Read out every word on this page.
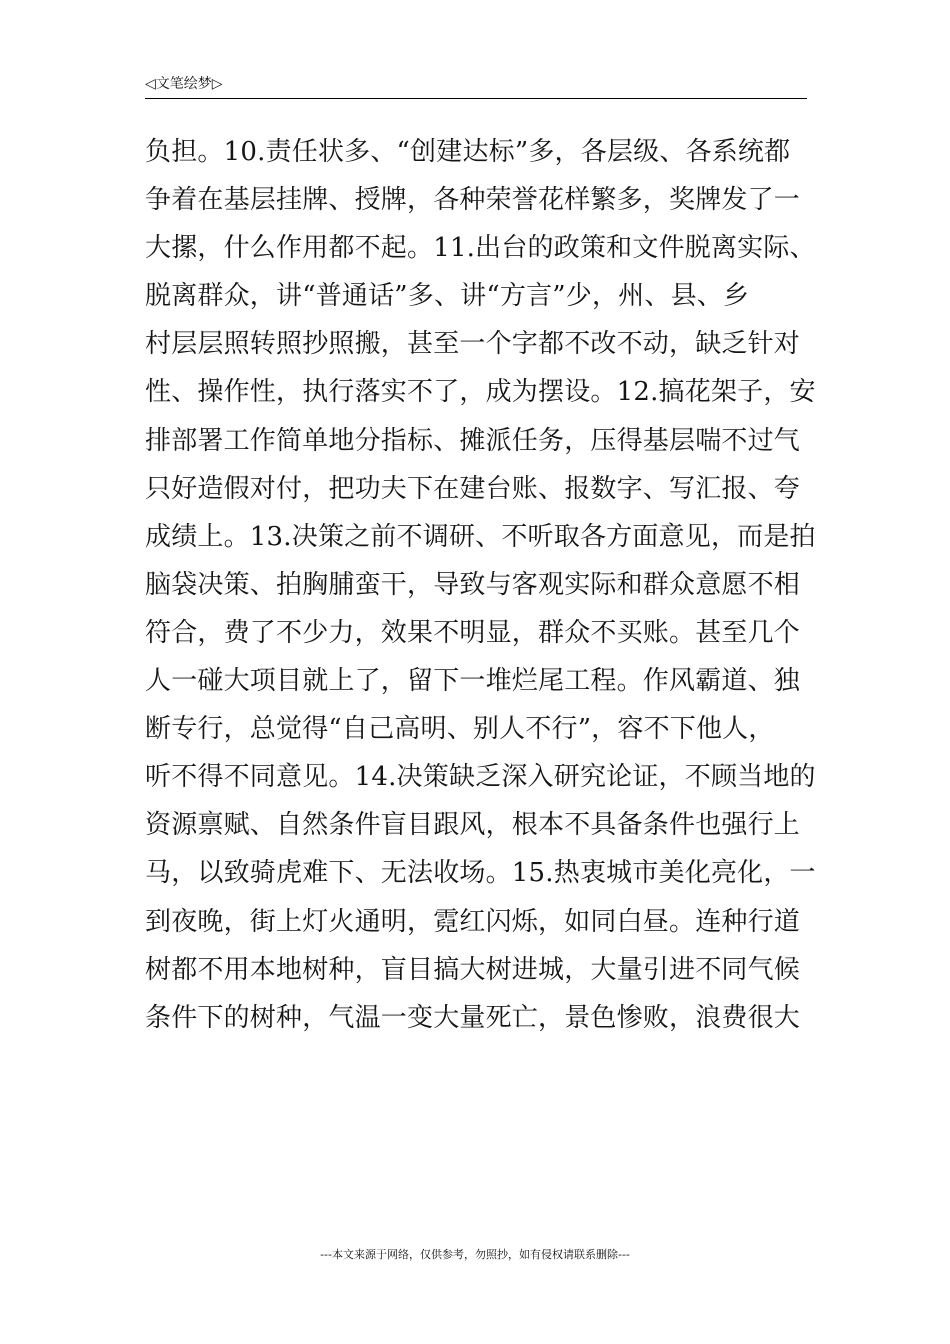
◁文笔绘梦▷
负担。10.责任状多、“创建达标”多，各层级、各系统都
争着在基层挂牌、授牌，各种荣誉花样繁多，奖牌发了一
大摞，什么作用都不起。11.出台的政策和文件脱离实际、
脱离群众，讲“普通话”多、讲“方言”少，州、县、乡
村层层照转照抄照搬，甚至一个字都不改不动，缺乏针对
性、操作性，执行落实不了，成为摆设。12.搞花架子，安
排部署工作简单地分指标、摊派任务，压得基层喘不过气
只好造假对付，把功夫下在建台账、报数字、写汇报、夸
成绩上。13.决策之前不调研、不听取各方面意见，而是拍
脑袋决策、拍胸脯蛮干，导致与客观实际和群众意愿不相
符合，费了不少力，效果不明显，群众不买账。甚至几个
人一碰大项目就上了，留下一堆烂尾工程。作风霸道、独
断专行，总觉得“自己高明、别人不行”，容不下他人，
听不得不同意见。14.决策缺乏深入研究论证，不顾当地的
资源禀赋、自然条件盲目跟风，根本不具备条件也强行上
马，以致骑虎难下、无法收场。15.热衷城市美化亮化，一
到夜晚，街上灯火通明，霓红闪烁，如同白昼。连种行道
树都不用本地树种，盲目搞大树进城，大量引进不同气候
条件下的树种，气温一变大量死亡，景色惨败，浪费很大
---本文来源于网络，仅供参考，勿照抄，如有侵权请联系删除---
